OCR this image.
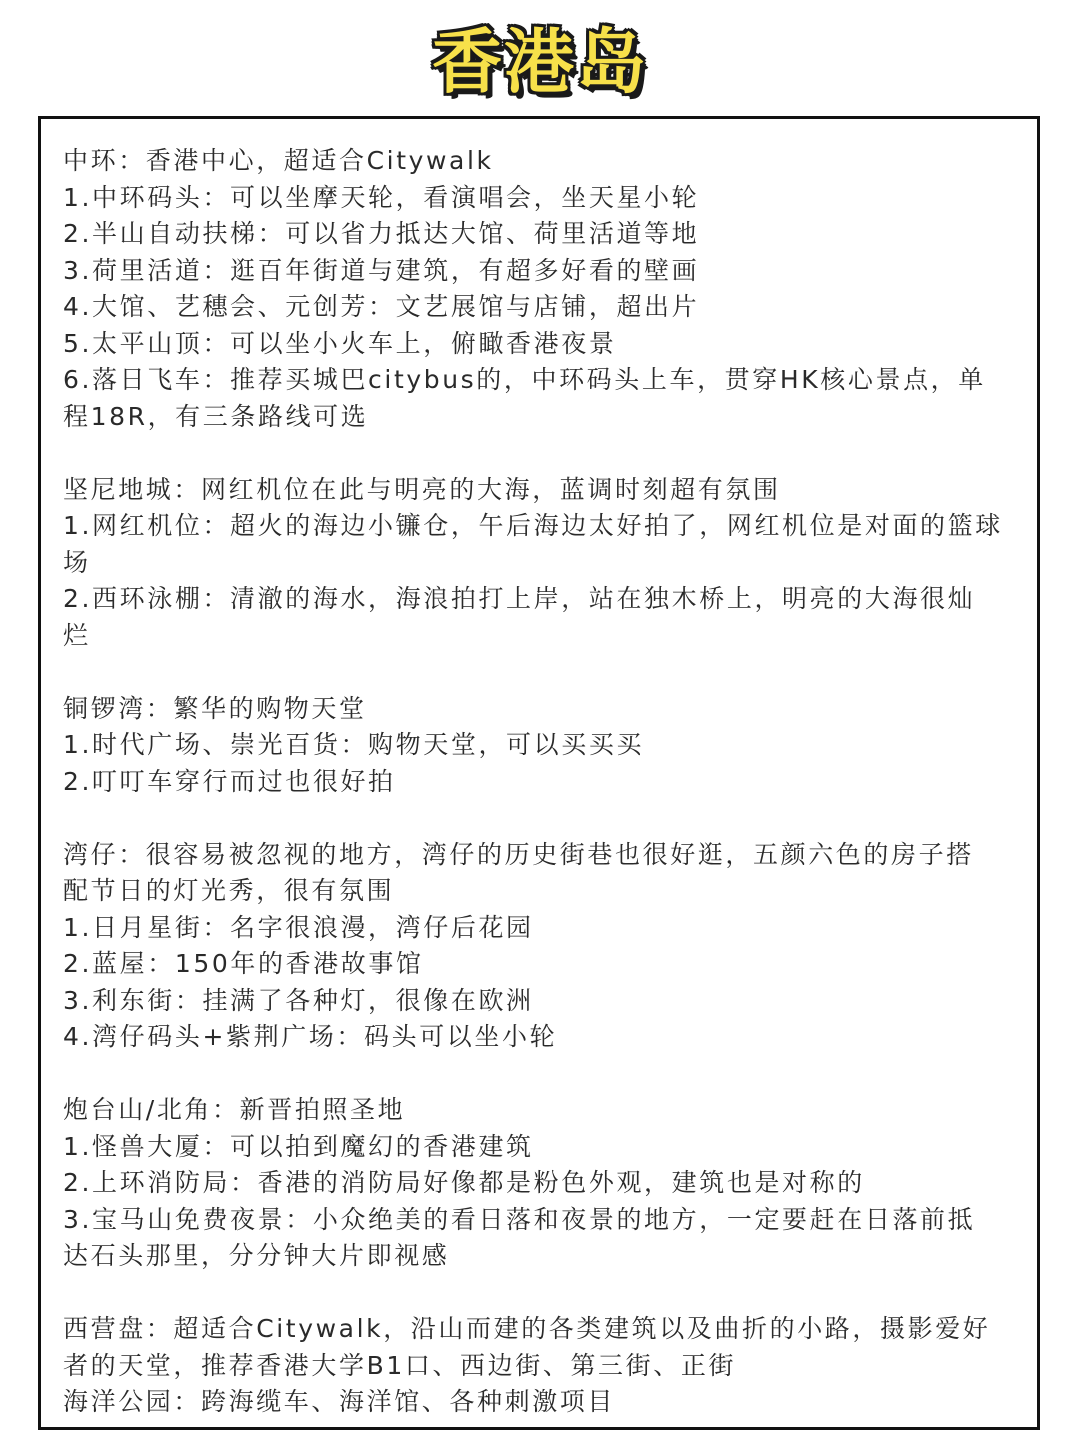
香港岛
中环：香港中心，超适合Citywalk
1.中环码头：可以坐摩天轮，看演唱会，坐天星小轮
2.半山自动扶梯：可以省力抵达大馆、荷里活道等地
3.荷里活道：逛百年街道与建筑，有超多好看的壁画
4.大馆、艺穗会、元创芳：文艺展馆与店铺，超出片
5.太平山顶：可以坐小火车上，俯瞰香港夜景
6.落日飞车：推荐买城巴citybus的，中环码头上车，贯穿HK核心景点，单
程18R，有三条路线可选
坚尼地城：网红机位在此与明亮的大海，蓝调时刻超有氛围
1.网红机位：超火的海边小镰仓，午后海边太好拍了，网红机位是对面的篮球
场
2.西环泳棚：清澈的海水，海浪拍打上岸，站在独木桥上，明亮的大海很灿
烂
铜锣湾：繁华的购物天堂
1.时代广场、崇光百货：购物天堂，可以买买买
2.叮叮车穿行而过也很好拍
湾仔：很容易被忽视的地方，湾仔的历史街巷也很好逛，五颜六色的房子搭
配节日的灯光秀，很有氛围
1.日月星街：名字很浪漫，湾仔后花园
2.蓝屋：150年的香港故事馆
3.利东街：挂满了各种灯，很像在欧洲
4.湾仔码头+紫荆广场：码头可以坐小轮
炮台山/北角：新晋拍照圣地
1.怪兽大厦：可以拍到魔幻的香港建筑
2.上环消防局：香港的消防局好像都是粉色外观，建筑也是对称的
3.宝马山免费夜景：小众绝美的看日落和夜景的地方，一定要赶在日落前抵
达石头那里，分分钟大片即视感
西营盘：超适合Citywalk，沿山而建的各类建筑以及曲折的小路，摄影爱好
者的天堂，推荐香港大学B1口、西边街、第三街、正街
海洋公园：跨海缆车、海洋馆、各种刺激项目
